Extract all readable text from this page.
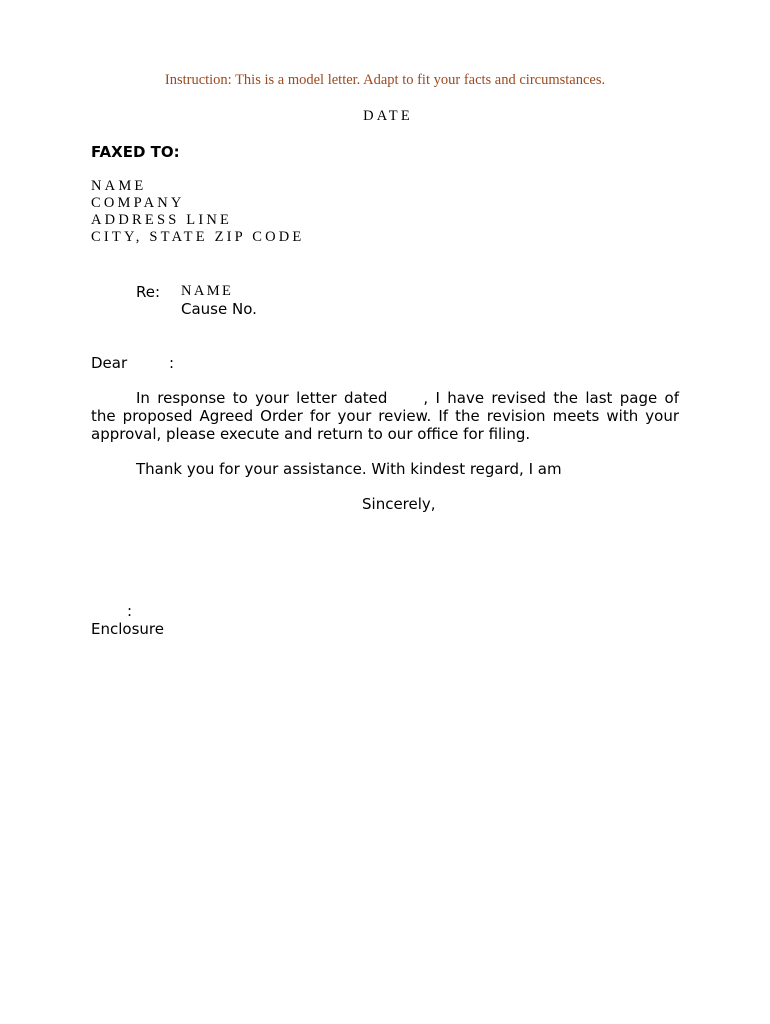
Instruction: This is a model letter. Adapt to fit your facts and circumstances.
DATE
FAXED TO:
NAME
COMPANY
ADDRESS LINE
CITY, STATE ZIP CODE
Re: NAME
Cause No.
Dear	:
In response to your letter dated , I have revised the last page of
the proposed Agreed Order for your review. If the revision meets with your
approval, please execute and return to our office for filing.
Thank you for your assistance. With kindest regard, I am
Sincerely,
:
Enclosure
